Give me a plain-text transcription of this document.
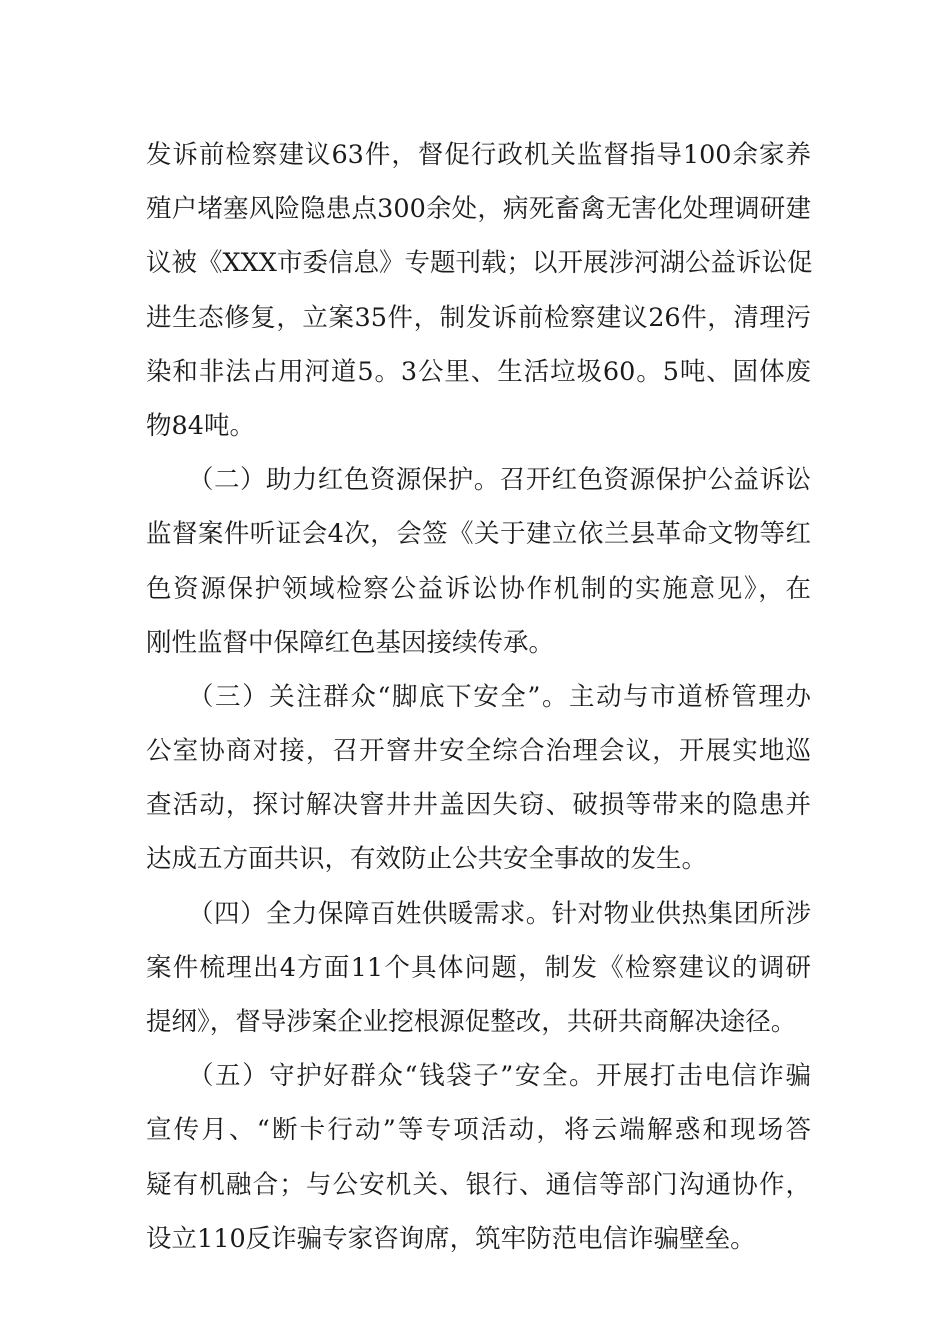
发诉前检察建议63件，督促行政机关监督指导100余家养
殖户堵塞风险隐患点300余处，病死畜禽无害化处理调研建
议被《XXX市委信息》专题刊载；以开展涉河湖公益诉讼促
进生态修复，立案35件，制发诉前检察建议26件，清理污
染和非法占用河道5。3公里、生活垃圾60。5吨、固体废
物84吨。
（二）助力红色资源保护。召开红色资源保护公益诉讼
监督案件听证会4次，会签《关于建立依兰县革命文物等红
色资源保护领域检察公益诉讼协作机制的实施意见》，在
刚性监督中保障红色基因接续传承。
（三）关注群众“脚底下安全”。主动与市道桥管理办
公室协商对接，召开窨井安全综合治理会议，开展实地巡
查活动，探讨解决窨井井盖因失窃、破损等带来的隐患并
达成五方面共识，有效防止公共安全事故的发生。
（四）全力保障百姓供暖需求。针对物业供热集团所涉
案件梳理出4方面11个具体问题，制发《检察建议的调研
提纲》，督导涉案企业挖根源促整改，共研共商解决途径。
（五）守护好群众“钱袋子”安全。开展打击电信诈骗
宣传月、“断卡行动”等专项活动，将云端解惑和现场答
疑有机融合；与公安机关、银行、通信等部门沟通协作，
设立110反诈骗专家咨询席，筑牢防范电信诈骗壁垒。
